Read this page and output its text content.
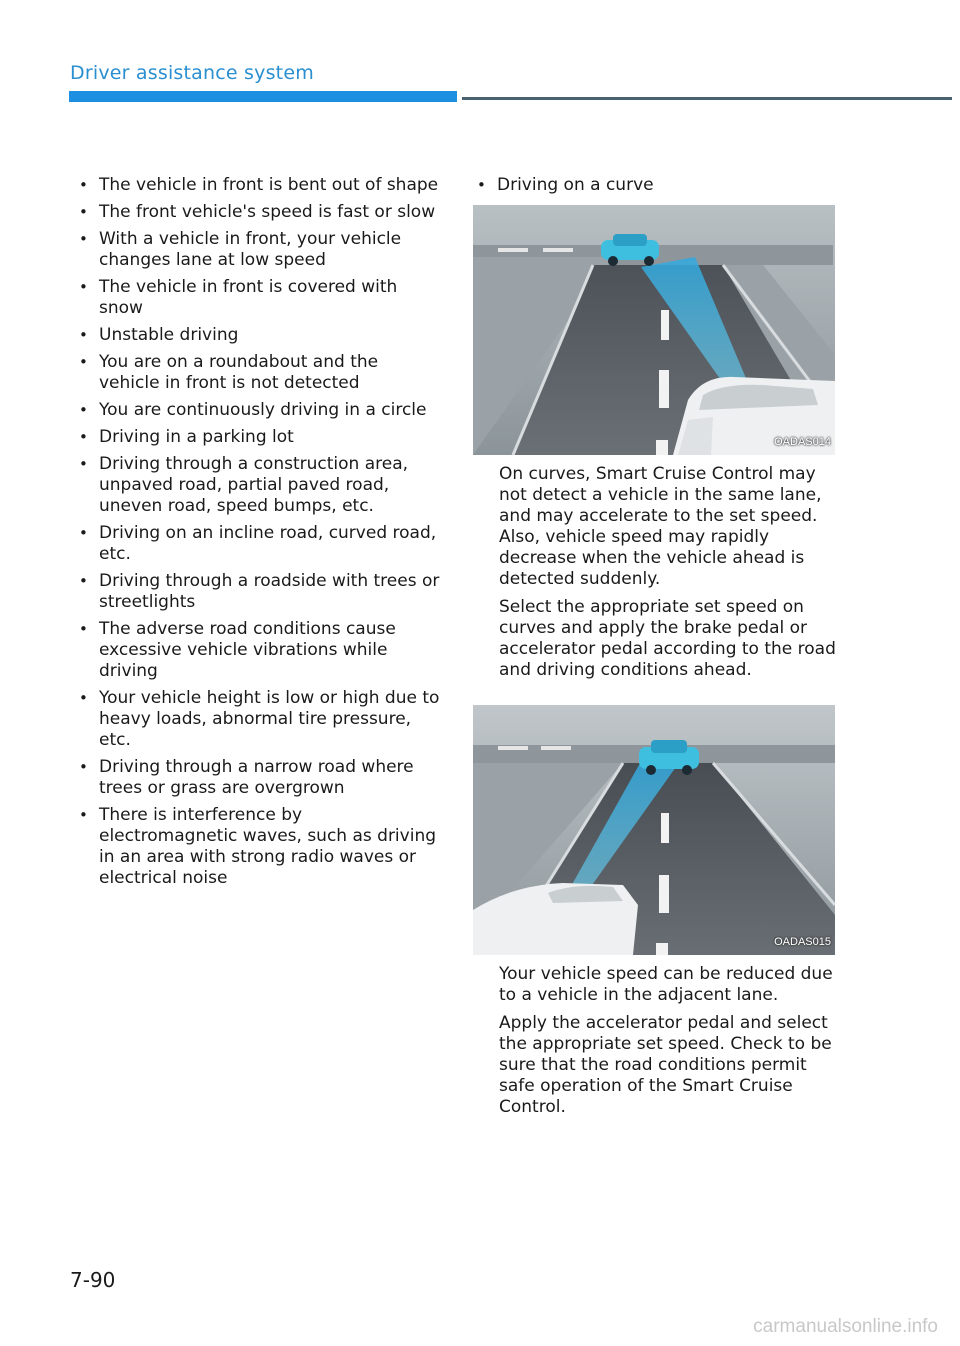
Driver assistance system
• The vehicle in front is bent out of shape
• The front vehicle's speed is fast or slow
• With a vehicle in front, your vehicle changes lane at low speed
• The vehicle in front is covered with snow
• Unstable driving
• You are on a roundabout and the vehicle in front is not detected
• You are continuously driving in a circle
• Driving in a parking lot
• Driving through a construction area, unpaved road, partial paved road, uneven road, speed bumps, etc.
• Driving on an incline road, curved road, etc.
• Driving through a roadside with trees or streetlights
• The adverse road conditions cause excessive vehicle vibrations while driving
• Your vehicle height is low or high due to heavy loads, abnormal tire pressure, etc.
• Driving through a narrow road where trees or grass are overgrown
• There is interference by electromagnetic waves, such as driving in an area with strong radio waves or electrical noise
• Driving on a curve
OADAS014

On curves, Smart Cruise Control may not detect a vehicle in the same lane, and may accelerate to the set speed. Also, vehicle speed may rapidly decrease when the vehicle ahead is detected suddenly.

Select the appropriate set speed on curves and apply the brake pedal or accelerator pedal according to the road and driving conditions ahead.

OADAS015

Your vehicle speed can be reduced due to a vehicle in the adjacent lane.

Apply the accelerator pedal and select the appropriate set speed. Check to be sure that the road conditions permit safe operation of the Smart Cruise Control.

7-90
carmanualsonline.info
